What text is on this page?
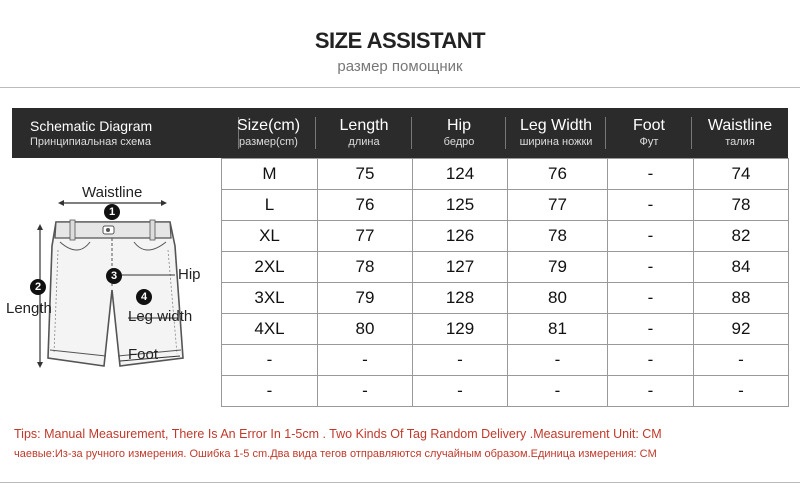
SIZE ASSISTANT
размер помощник
Schematic Diagram
Принципиальная схема
Size(cm)
размер(cm)
Length
длина
Hip
бедро
Leg Width
ширина ножки
Foot
Фут
Waistline
талия
Waistline
Length
Hip
Leg width
Foot
1
2
3
4
M	75	124	76	-	74
L	76	125	77	-	78
XL	77	126	78	-	82
2XL	78	127	79	-	84
3XL	79	128	80	-	88
4XL	80	129	81	-	92
-	-	-	-	-	-
-	-	-	-	-	-
Tips: Manual Measurement, There Is An Error In 1-5cm . Two Kinds Of Tag Random Delivery .Measurement Unit: CM
чаевые:Из-за ручного измерения. Ошибка 1-5 cm.Два вида тегов отправляются случайным образом.Единица измерения: CM
